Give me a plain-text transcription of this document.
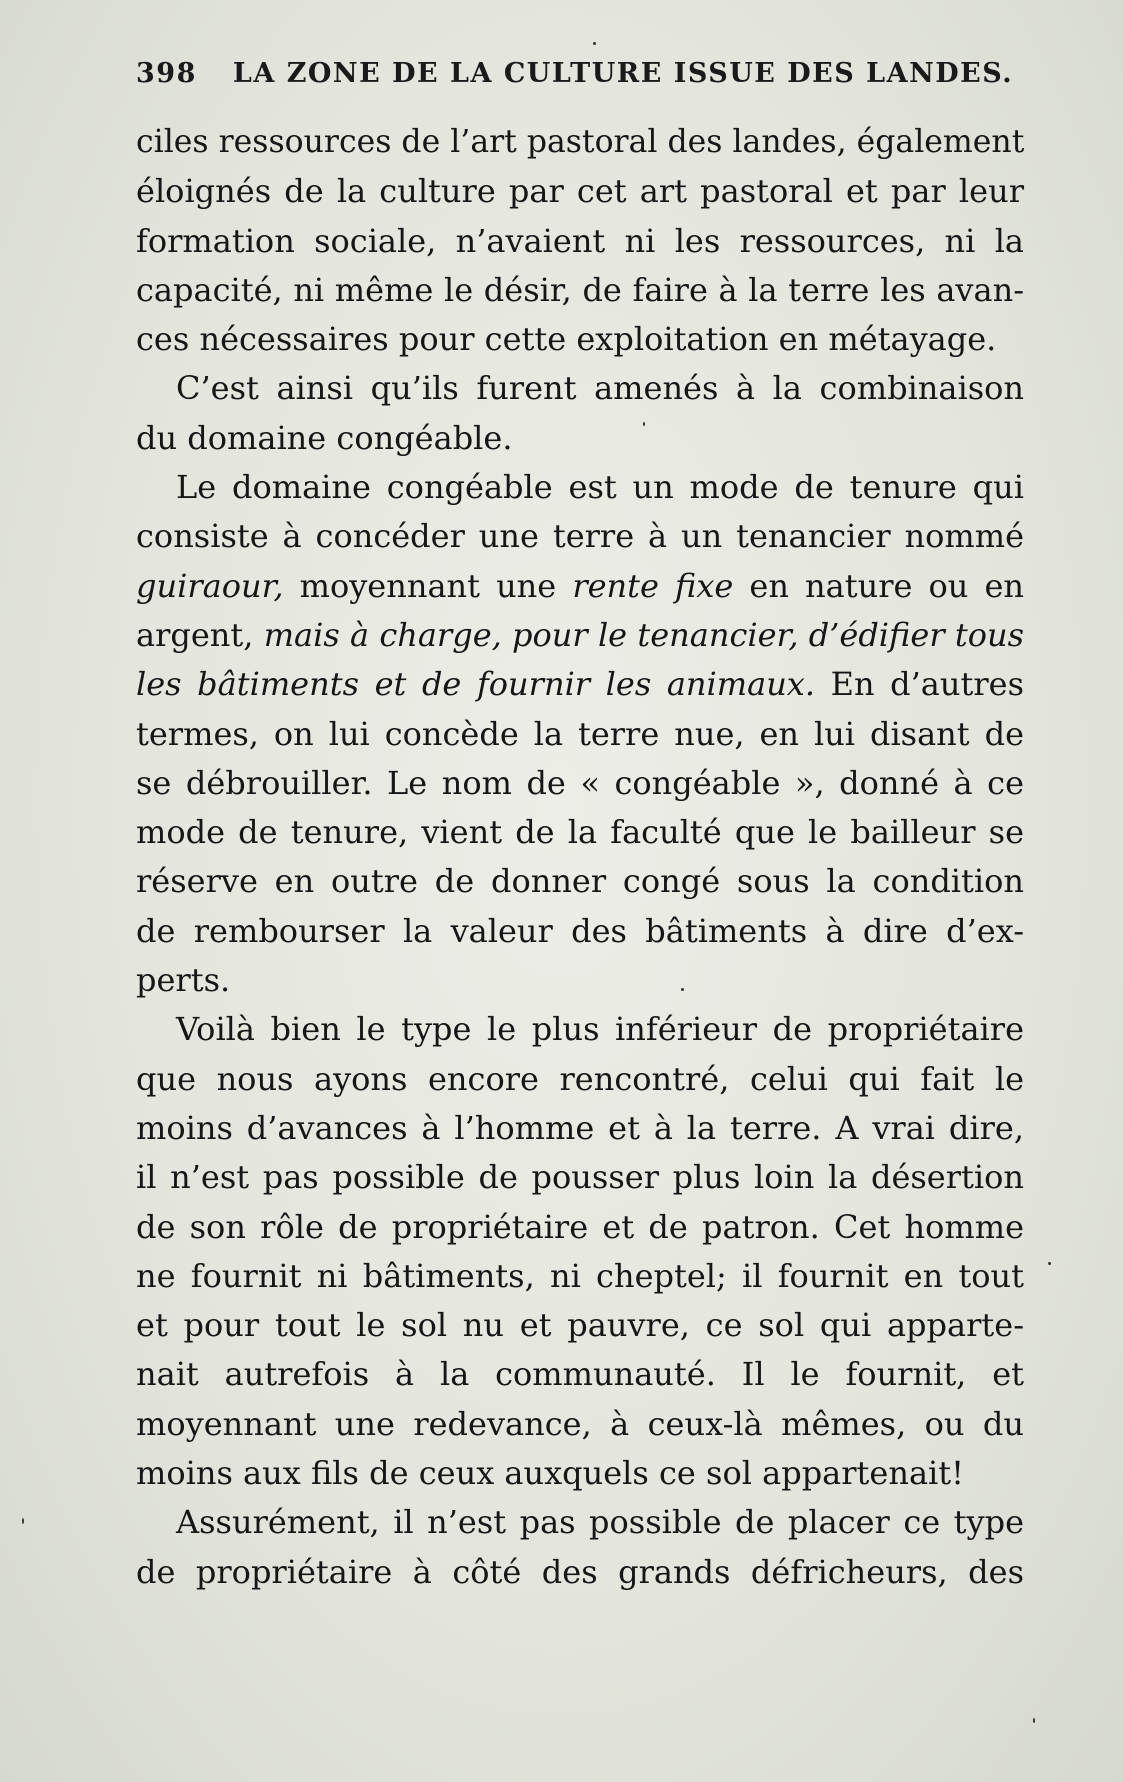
398 LA ZONE DE LA CULTURE ISSUE DES LANDES.
ciles ressources de l’art pastoral des landes, également
éloignés de la culture par cet art pastoral et par leur
formation sociale, n’avaient ni les ressources, ni la
capacité, ni même le désir, de faire à la terre les avan-
ces nécessaires pour cette exploitation en métayage.
C’est ainsi qu’ils furent amenés à la combinaison
du domaine congéable.
Le domaine congéable est un mode de tenure qui
consiste à concéder une terre à un tenancier nommé
guiraour, moyennant une rente fixe en nature ou en
argent, mais à charge, pour le tenancier, d’édifier tous
les bâtiments et de fournir les animaux. En d’autres
termes, on lui concède la terre nue, en lui disant de
se débrouiller. Le nom de « congéable », donné à ce
mode de tenure, vient de la faculté que le bailleur se
réserve en outre de donner congé sous la condition
de rembourser la valeur des bâtiments à dire d’ex-
perts.
Voilà bien le type le plus inférieur de propriétaire
que nous ayons encore rencontré, celui qui fait le
moins d’avances à l’homme et à la terre. A vrai dire,
il n’est pas possible de pousser plus loin la désertion
de son rôle de propriétaire et de patron. Cet homme
ne fournit ni bâtiments, ni cheptel; il fournit en tout
et pour tout le sol nu et pauvre, ce sol qui apparte-
nait autrefois à la communauté. Il le fournit, et
moyennant une redevance, à ceux-là mêmes, ou du
moins aux fils de ceux auxquels ce sol appartenait!
Assurément, il n’est pas possible de placer ce type
de propriétaire à côté des grands défricheurs, des
